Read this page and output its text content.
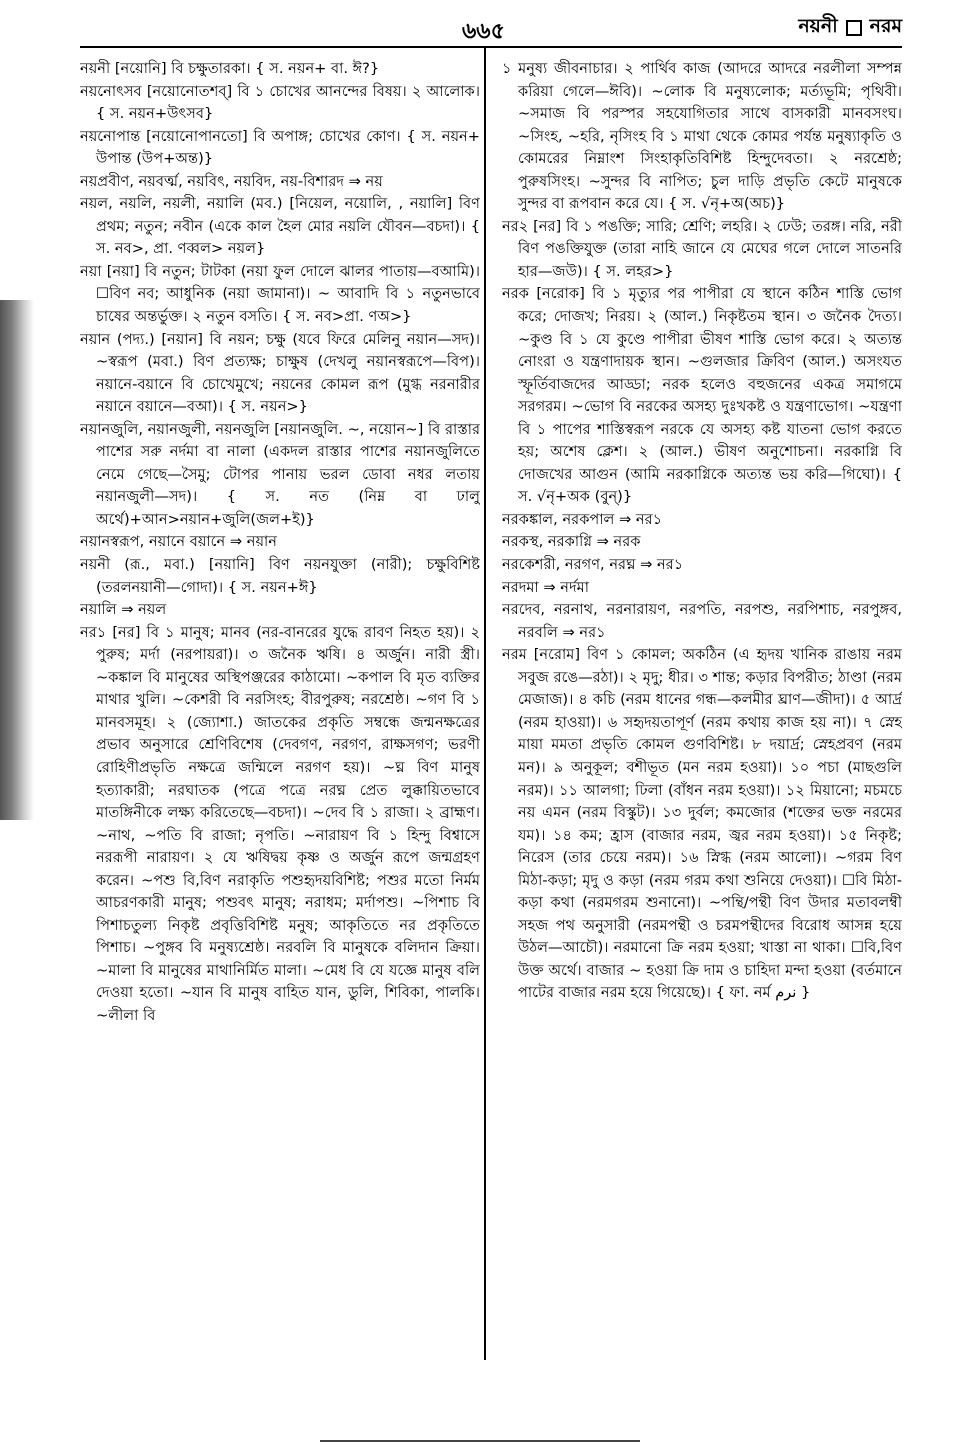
৬৬৫	নয়নী নরম

নয়নী [নয়োনি] বি চক্ষুতারকা। { স. নয়ন+ বা. ঈ?}

নয়নোৎসব [নয়োনোতশব্] বি ১ চোখের আনন্দের বিষয়। ২ আলোক। { স. নয়ন+উৎসব}

নয়নোপান্ত [নয়োনোপানতো] বি অপাঙ্গ; চোখের কোণ। { স. নয়ন+ উপান্ত (উপ+অন্ত)}

নয়প্রবীণ, নয়বর্ত্ম, নয়বিৎ, নয়বিদ, নয়-বিশারদ ⇒ নয়

নয়ল, নয়লি, নয়লী, নয়ালি (মব.) [নিয়েল, নয়োলি, , নয়ালি] বিণ প্রথম; নতুন; নবীন (একে কাল হৈল মোর নয়লি যৌবন—বচদা)। { স. নব>, প্রা. ণব্বল> নয়ল}

নয়া [নয়া] বি নতুন; টাটকা (নয়া ফুল দোলে ঝালর পাতায়—বআমি)। ☐বিণ নব; আধুনিক (নয়া জামানা)। ~ আবাদি বি ১ নতুনভাবে চাষের অন্তর্ভুক্ত। ২ নতুন বসতি। { স. নব>প্রা. ণঅ>}

নয়ান (পদ্য.) [নয়ান] বি নয়ন; চক্ষু (যবে ফিরে মেলিনু নয়ান—সদ)। ~স্বরূপ (মবা.) বিণ প্রত্যক্ষ; চাক্ষুষ (দেখলু নয়ানস্বরূপে—বিপ)। নয়ানে-বয়ানে বি চোখেমুখে; নয়নের কোমল রূপ (মুগ্ধ নরনারীর নয়ানে বয়ানে—বআ)। { স. নয়ন>}

নয়ানজুলি, নয়ানজুলী, নয়নজুলি [নয়ানজুলি. ~, নয়োন~] বি রাস্তার পাশের সরু নর্দমা বা নালা (একদল রাস্তার পাশের নয়ানজুলিতে নেমে গেছে—সৈমু; টোপর পানায় ভরল ডোবা নধর লতায় নয়ানজুলী—সদ)। { স. নত (নিম্ন বা ঢালু অর্থে)+আন>নয়ান+জুলি(জল+ই)}

নয়ানস্বরূপ, নয়ানে বয়ানে ⇒ নয়ান

নয়নী (রূ., মবা.) [নয়ানি] বিণ নয়নযুক্তা (নারী); চক্ষুবিশিষ্ট (তরলনয়ানী—গোদা)। { স. নয়ন+ঈ}

নয়ালি ⇒ নয়ল

নর১ [নর] বি ১ মানুষ; মানব (নর-বানরের যুদ্ধে রাবণ নিহত হয়)। ২ পুরুষ; মর্দা (নরপায়রা)। ৩ জনৈক ঋষি। ৪ অর্জুন। নারী স্ত্রী। ~কঙ্কাল বি মানুষের অস্থিপঞ্জরের কাঠামো। ~কপাল বি মৃত ব্যক্তির মাথার খুলি। ~কেশরী বি নরসিংহ; বীরপুরুষ; নরশ্রেষ্ঠ। ~গণ বি ১ মানবসমূহ। ২ (জ্যোশা.) জাতকের প্রকৃতি সম্বন্ধে জন্মনক্ষত্রের প্রভাব অনুসারে শ্রেণিবিশেষ (দেবগণ, নরগণ, রাক্ষসগণ; ভরণী রোহিণীপ্রভৃতি নক্ষত্রে জন্মিলে নরগণ হয়)। ~ঘ্ন বিণ মানুষ হত্যাকারী; নরঘাতক (পত্রে পত্রে নরঘ্ন প্রেত লুক্কায়িতভাবে মাতঙ্গিনীকে লক্ষ্য করিতেছে—বচদা)। ~দেব বি ১ রাজা। ২ ব্রাহ্মণ। ~নাথ, ~পতি বি রাজা; নৃপতি। ~নারায়ণ বি ১ হিন্দু বিশ্বাসে নররূপী নারায়ণ। ২ যে ঋষিদ্বয় কৃষ্ণ ও অর্জুন রূপে জন্মগ্রহণ করেন। ~পশু বি,বিণ নরাকৃতি পশুহৃদয়বিশিষ্ট; পশুর মতো নির্মম আচরণকারী মানুষ; পশুবৎ মানুষ; নরাধম; মর্দাপশু। ~পিশাচ বি পিশাচতুল্য নিকৃষ্ট প্রবৃত্তিবিশিষ্ট মনুষ; আকৃতিতে নর প্রকৃতিতে পিশাচ। ~পুঙ্গব বি মনুষ্যশ্রেষ্ঠ। নরবলি বি মানুষকে বলিদান ক্রিয়া। ~মালা বি মানুষের মাথানির্মিত মালা। ~মেধ বি যে যজ্ঞে মানুষ বলি দেওয়া হতো। ~যান বি মানুষ বাহিত যান, ডুলি, শিবিকা, পালকি। ~লীলা বি

১ মনুষ্য জীবনাচার। ২ পার্থিব কাজ (আদরে আদরে নরলীলা সম্পন্ন করিয়া গেলে—ঈবি)। ~লোক বি মনুষ্যলোক; মর্ত্যভূমি; পৃথিবী। ~সমাজ বি পরস্পর সহযোগিতার সাথে বাসকারী মানবসংঘ। ~সিংহ, ~হরি, নৃসিংহ বি ১ মাথা থেকে কোমর পর্যন্ত মনুষ্যাকৃতি ও কোমরের নিম্নাংশ সিংহাকৃতিবিশিষ্ট হিন্দুদেবতা। ২ নরশ্রেষ্ঠ; পুরুষসিংহ। ~সুন্দর বি নাপিত; চুল দাড়ি প্রভৃতি কেটে মানুষকে সুন্দর বা রূপবান করে যে। { স. √নৃ+অ(অচ)}

নর২ [নর] বি ১ পঙক্তি; সারি; শ্রেণি; লহরি। ২ ঢেউ; তরঙ্গ। নরি, নরী বিণ পঙক্তিযুক্ত (তারা নাহি জানে যে মেঘের গলে দোলে সাতনরি হার—জউ)। { স. লহর>}

নরক [নরোক] বি ১ মৃত্যুর পর পাপীরা যে স্থানে কঠিন শাস্তি ভোগ করে; দোজখ; নিরয়। ২ (আল.) নিকৃষ্টতম স্থান। ৩ জনৈক দৈত্য। ~কুণ্ড বি ১ যে কুণ্ডে পাপীরা ভীষণ শাস্তি ভোগ করে। ২ অত্যন্ত নোংরা ও যন্ত্রণাদায়ক স্থান। ~গুলজার ক্রিবিণ (আল.) অসংযত স্ফূর্তিবাজদের আড্ডা; নরক হলেও বহুজনের একত্র সমাগমে সরগরম। ~ভোগ বি নরকের অসহ্য দুঃখকষ্ট ও যন্ত্রণাভোগ। ~যন্ত্রণা বি ১ পাপের শাস্তিস্বরূপ নরকে যে অসহ্য কষ্ট যাতনা ভোগ করতে হয়; অশেষ ক্লেশ। ২ (আল.) ভীষণ অনুশোচনা। নরকাগ্নি বি দোজখের আগুন (আমি নরকাগ্নিকে অত্যন্ত ভয় করি—গিঘো)। { স. √নৃ+অক (বুন্)}

নরকঙ্কাল, নরকপাল ⇒ নর১

নরকস্থ, নরকাগ্নি ⇒ নরক

নরকেশরী, নরগণ, নরঘ্ন ⇒ নর১

নরদমা ⇒ নর্দমা

নরদেব, নরনাথ, নরনারায়ণ, নরপতি, নরপশু, নরপিশাচ, নরপুঙ্গব, নরবলি ⇒ নর১

নরম [নরোম] বিণ ১ কোমল; অকঠিন (এ হৃদয় খানিক রাঙায় নরম সবুজ রঙে—রঠা)। ২ মৃদু; ধীর। ৩ শান্ত; কড়ার বিপরীত; ঠাণ্ডা (নরম মেজাজ)। ৪ কচি (নরম ধানের গন্ধ—কলমীর ঘ্রাণ—জীদা)। ৫ আর্দ্র (নরম হাওয়া)। ৬ সহৃদয়তাপূর্ণ (নরম কথায় কাজ হয় না)। ৭ স্নেহ মায়া মমতা প্রভৃতি কোমল গুণবিশিষ্ট। ৮ দয়ার্দ্র; স্নেহপ্রবণ (নরম মন)। ৯ অনুকূল; বশীভূত (মন নরম হওয়া)। ১০ পচা (মাছগুলি নরম)। ১১ আলগা; ঢিলা (বাঁধন নরম হওয়া)। ১২ মিয়ানো; মচমচে নয় এমন (নরম বিস্কুট)। ১৩ দুর্বল; কমজোর (শক্তের ভক্ত নরমের যম)। ১৪ কম; হ্রাস (বাজার নরম, জ্বর নরম হওয়া)। ১৫ নিকৃষ্ট; নিরেস (তার চেয়ে নরম)। ১৬ স্নিগ্ধ (নরম আলো)। ~গরম বিণ মিঠা-কড়া; মৃদু ও কড়া (নরম গরম কথা শুনিয়ে দেওয়া)। ☐বি মিঠা-কড়া কথা (নরমগরম শুনানো)। ~পন্থি/পন্থী বিণ উদার মতাবলম্বী সহজ পথ অনুসারী (নরমপন্থী ও চরমপন্থীদের বিরোধ আসন্ন হয়ে উঠল—আচৌ)। নরমানো ক্রি নরম হওয়া; খাস্তা না থাকা। ☐বি,বিণ উক্ত অর্থে। বাজার ~ হওয়া ক্রি দাম ও চাহিদা মন্দা হওয়া (বর্তমানে পাটের বাজার নরম হয়ে গিয়েছে)। { ফা. নর্ম نرم }
